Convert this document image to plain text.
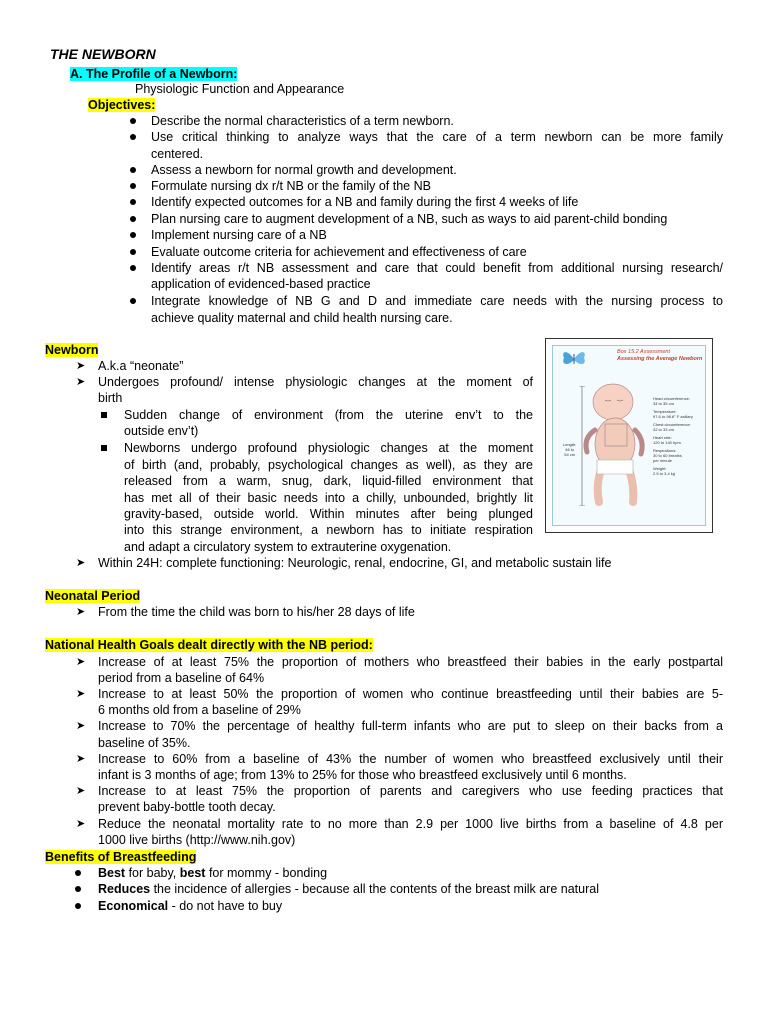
THE NEWBORN
A. The Profile of a Newborn:
Physiologic Function and Appearance
Objectives:
Describe the normal characteristics of a term newborn.
Use critical thinking to analyze ways that the care of a term newborn can be more family
centered.
Assess a newborn for normal growth and development.
Formulate nursing dx r/t NB or the family of the NB
Identify expected outcomes for a NB and family during the first 4 weeks of life
Plan nursing care to augment development of a NB, such as ways to aid parent-child bonding
Implement nursing care of a NB
Evaluate outcome criteria for achievement and effectiveness of care
Identify areas r/t NB assessment and care that could benefit from additional nursing research/
application of evidenced-based practice
Integrate knowledge of NB G and D and immediate care needs with the nursing process to
achieve quality maternal and child health nursing care.
Newborn
➤ A.k.a “neonate”
➤ Undergoes profound/ intense physiologic changes at the moment of
birth
Sudden change of environment (from the uterine env’t to the
outside env’t)
Newborns undergo profound physiologic changes at the moment
of birth (and, probably, psychological changes as well), as they are
released from a warm, snug, dark, liquid-filled environment that
has met all of their basic needs into a chilly, unbounded, brightly lit
gravity-based, outside world. Within minutes after being plunged
into this strange environment, a newborn has to initiate respiration
and adapt a circulatory system to extrauterine oxygenation.
➤ Within 24H: complete functioning: Neurologic, renal, endocrine, GI, and metabolic sustain life
Box 15.2 Assessment
Assessing the Average Newborn
Length:
46 to
54 cm
Head circumference:
34 to 35 cm
Temperature:
97.6 to 98.6° F axillary
Chest circumference:
32 to 33 cm
Heart rate:
120 to 140 bpm
Respirations:
30 to 60 breaths
per minute
Weight:
2.5 to 3.4 kg
Neonatal Period
➤ From the time the child was born to his/her 28 days of life
National Health Goals dealt directly with the NB period:
➤ Increase of at least 75% the proportion of mothers who breastfeed their babies in the early postpartal
period from a baseline of 64%
➤ Increase to at least 50% the proportion of women who continue breastfeeding until their babies are 5-
6 months old from a baseline of 29%
➤ Increase to 70% the percentage of healthy full-term infants who are put to sleep on their backs from a
baseline of 35%.
➤ Increase to 60% from a baseline of 43% the number of women who breastfeed exclusively until their
infant is 3 months of age; from 13% to 25% for those who breastfeed exclusively until 6 months.
➤ Increase to at least 75% the proportion of parents and caregivers who use feeding practices that
prevent baby-bottle tooth decay.
➤ Reduce the neonatal mortality rate to no more than 2.9 per 1000 live births from a baseline of 4.8 per
1000 live births (http://www.nih.gov)
Benefits of Breastfeeding
Best for baby, best for mommy - bonding
Reduces the incidence of allergies - because all the contents of the breast milk are natural
Economical - do not have to buy
